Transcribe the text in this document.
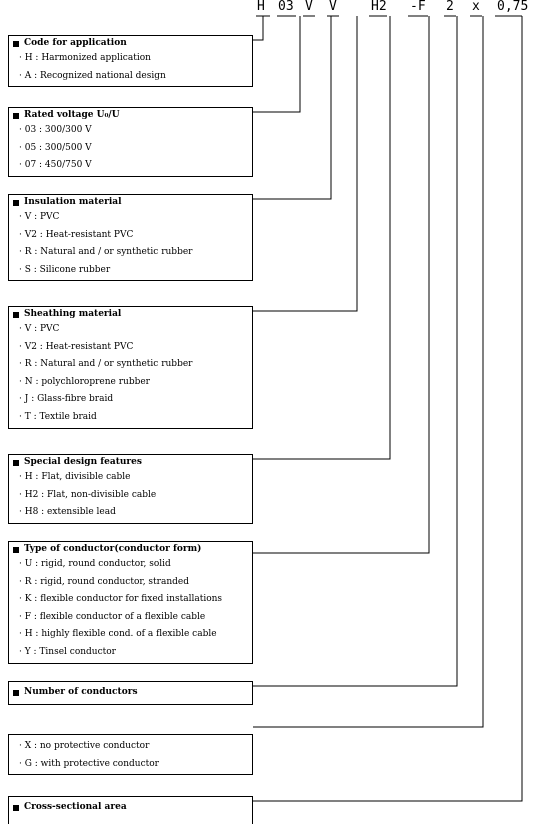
H 03 V V	H2 -F 2 x 0,75
Code for application
· H : Harmonized application
· A : Recognized national design
Rated voltage U₀/U
· 03 : 300/300 V
· 05 : 300/500 V
· 07 : 450/750 V
Insulation material
· V : PVC
· V2 : Heat-resistant PVC
· R : Natural and / or synthetic rubber
· S : Silicone rubber
Sheathing material
· V : PVC
· V2 : Heat-resistant PVC
· R : Natural and / or synthetic rubber
· N : polychloroprene rubber
· J : Glass-fibre braid
· T : Textile braid
Special design features
· H : Flat, divisible cable
· H2 : Flat, non-divisible cable
· H8 : extensible lead
Type of conductor(conductor form)
· U : rigid, round conductor, solid
· R : rigid, round conductor, stranded
· K : flexible conductor for fixed installations
· F : flexible conductor of a flexible cable
· H : highly flexible cond. of a flexible cable
· Y : Tinsel conductor
Number of conductors
· X : no protective conductor
· G : with protective conductor
Cross-sectional area
